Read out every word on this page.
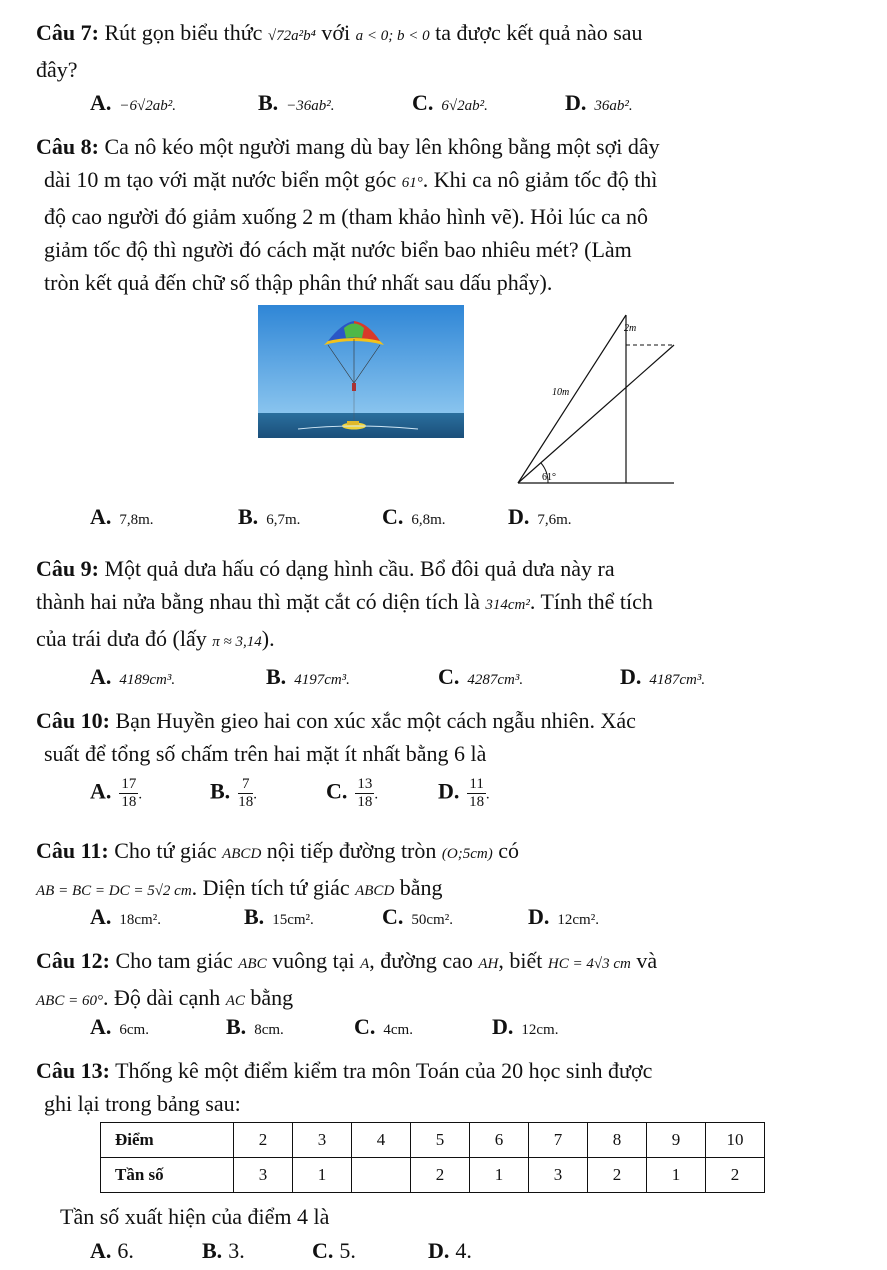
Câu 7: Rút gọn biểu thức √72a²b⁴ với a < 0; b < 0 ta được kết quả nào sau
đây?
A. −6√2ab².	B. −36ab².	C. 6√2ab².	D. 36ab².
Câu 8: Ca nô kéo một người mang dù bay lên không bằng một sợi dây
dài 10 m tạo với mặt nước biển một góc 61°. Khi ca nô giảm tốc độ thì
độ cao người đó giảm xuống 2 m (tham khảo hình vẽ). Hỏi lúc ca nô
giảm tốc độ thì người đó cách mặt nước biển bao nhiêu mét? (Làm
tròn kết quả đến chữ số thập phân thứ nhất sau dấu phẩy).
2m
10m
61°
A. 7,8m.	B. 6,7m.	C. 6,8m.	D. 7,6m.
Câu 9: Một quả dưa hấu có dạng hình cầu. Bổ đôi quả dưa này ra
thành hai nửa bằng nhau thì mặt cắt có diện tích là 314cm². Tính thể tích
của trái dưa đó (lấy π ≈ 3,14).
A. 4189cm³.	B. 4197cm³.	C. 4287cm³.	D. 4187cm³.
Câu 10: Bạn Huyền gieo hai con xúc xắc một cách ngẫu nhiên. Xác
suất để tổng số chấm trên hai mặt ít nhất bằng 6 là
A. $\frac{17}{18}$ .	B. $\frac{7}{18}$ .	C. $\frac{13}{18}$ .	D. $\frac{11}{18}$ .
Câu 11: Cho tứ giác ABCD nội tiếp đường tròn (O;5cm) có
AB = BC = DC = 5√2 cm. Diện tích tứ giác ABCD bằng
A. 18cm².	B. 15cm².	C. 50cm².	D. 12cm².
Câu 12: Cho tam giác ABC vuông tại A, đường cao AH, biết HC = 4√3 cm và
ABC = 60°. Độ dài cạnh AC bằng
A. 6cm.	B. 8cm.	C. 4cm.	D. 12cm.
Câu 13: Thống kê một điểm kiểm tra môn Toán của 20 học sinh được
ghi lại trong bảng sau:
Điểm	2	3	4	5	6	7	8	9	10
Tần số	3	1		2	1	3	2	1	2
Tần số xuất hiện của điểm 4 là
A. 6.	B. 3.	C. 5.	D. 4.
